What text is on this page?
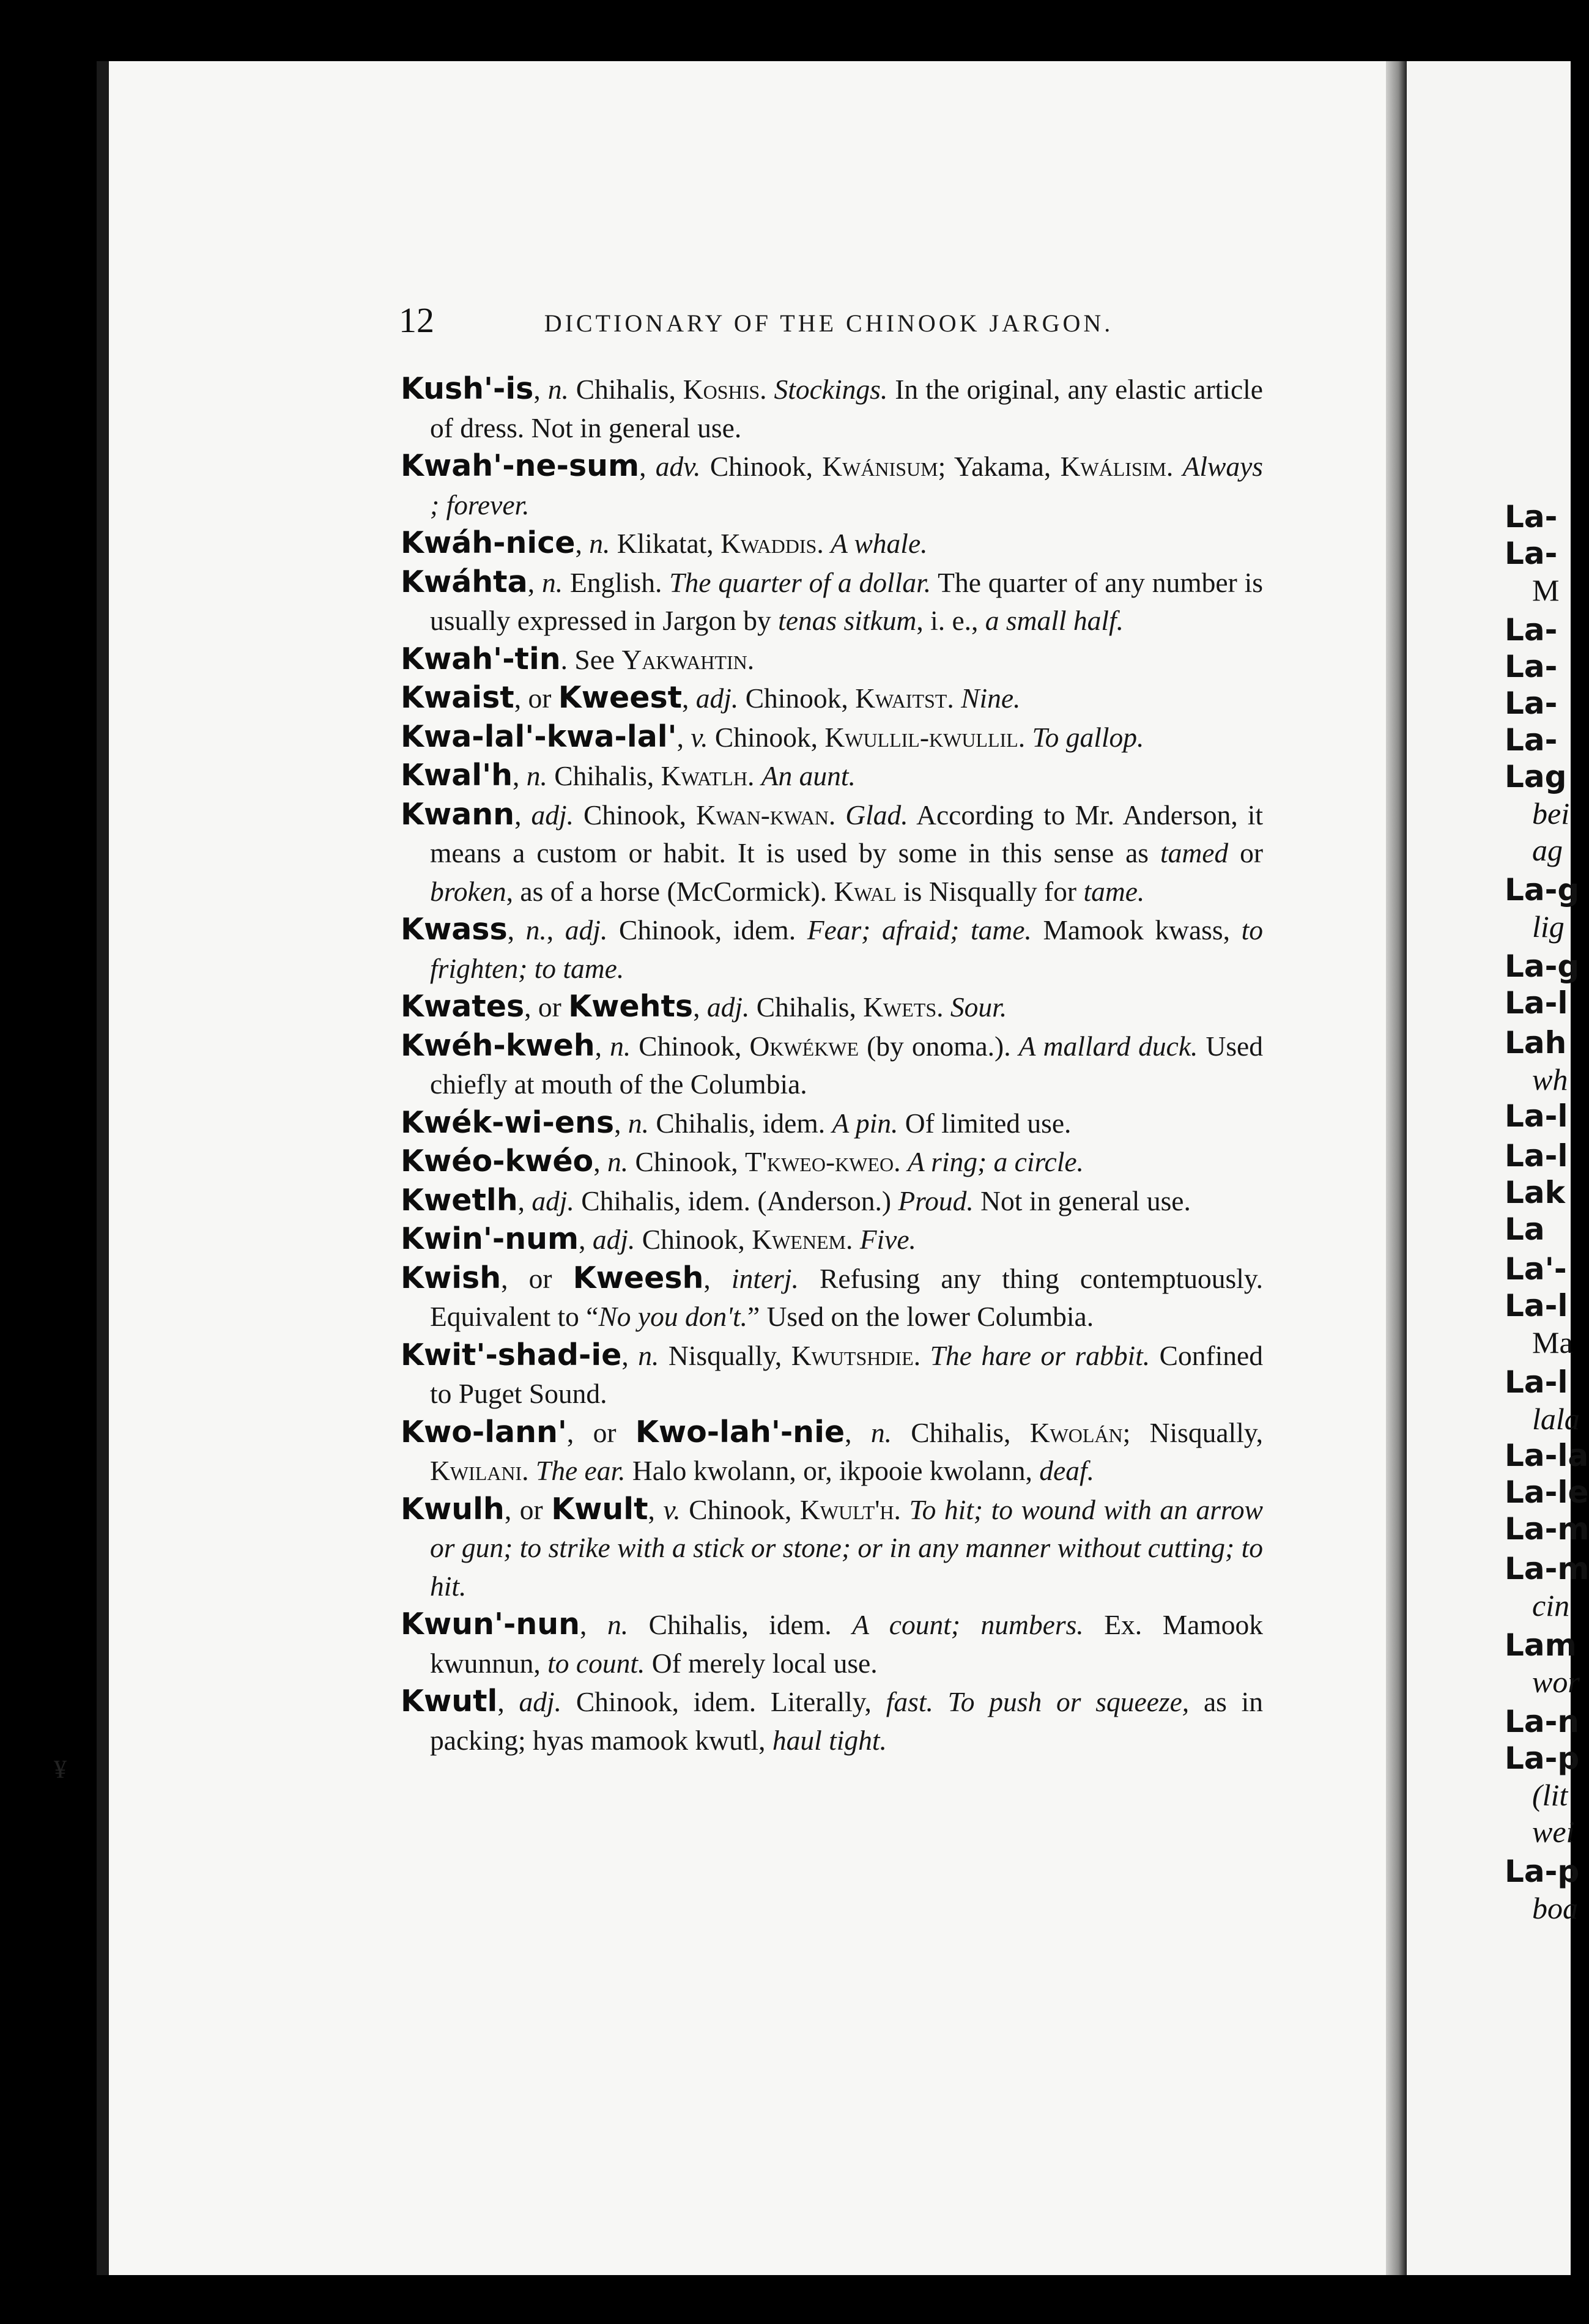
La-
La-
M
La-
La-
La-
La-
Lag
bei
ag
La-g
lig
La-g
La-l
Lah
wh
La-l
La-l
Lak
La
La'-
La-l
Ma
La-l
lala
La-la
La-le
La-m
La-m
cin
Lam
wor
La-n
La-p
(lit
wei
La-p
boa
12	DICTIONARY OF THE CHINOOK JARGON.

Kush'-is, n. Chihalis, Koshis. Stockings. In the original, any elastic article of dress. Not in general use.

Kwah'-ne-sum, adv. Chinook, Kwánisum; Yakama, Kwálisim. Always ; forever.

Kwáh-nice, n. Klikatat, Kwaddis. A whale.

Kwáhta, n. English. The quarter of a dollar. The quarter of any number is usually expressed in Jargon by tenas sitkum, i. e., a small half.

Kwah'-tin. See Yakwahtin.

Kwaist, or Kweest, adj. Chinook, Kwaitst. Nine.

Kwa-lal'-kwa-lal', v. Chinook, Kwullil-kwullil. To gallop.

Kwal'h, n. Chihalis, Kwatlh. An aunt.

Kwann, adj. Chinook, Kwan-kwan. Glad. According to Mr. Anderson, it means a custom or habit. It is used by some in this sense as tamed or broken, as of a horse (McCormick). Kwal is Nisqually for tame.

Kwass, n., adj. Chinook, idem. Fear; afraid; tame. Mamook kwass, to frighten; to tame.

Kwates, or Kwehts, adj. Chihalis, Kwets. Sour.

Kwéh-kweh, n. Chinook, Okwékwe (by onoma.). A mallard duck. Used chiefly at mouth of the Columbia.

Kwék-wi-ens, n. Chihalis, idem. A pin. Of limited use.

Kwéo-kwéo, n. Chinook, T'kweo-kweo. A ring; a circle.

Kwetlh, adj. Chihalis, idem. (Anderson.) Proud. Not in general use.

Kwin'-num, adj. Chinook, Kwenem. Five.

Kwish, or Kweesh, interj. Refusing any thing contemptuously. Equivalent to “No you don't.” Used on the lower Columbia.

Kwit'-shad-ie, n. Nisqually, Kwutshdie. The hare or rabbit. Confined to Puget Sound.

Kwo-lann', or Kwo-lah'-nie, n. Chihalis, Kwolán; Nisqually, Kwilani. The ear. Halo kwolann, or, ikpooie kwolann, deaf.

Kwulh, or Kwult, v. Chinook, Kwult'h. To hit; to wound with an arrow or gun; to strike with a stick or stone; or in any manner without cutting; to hit.

Kwun'-nun, n. Chihalis, idem. A count; numbers. Ex. Mamook kwunnun, to count. Of merely local use.

Kwutl, adj. Chinook, idem. Literally, fast. To push or squeeze, as in packing; hyas mamook kwutl, haul tight.

¥
